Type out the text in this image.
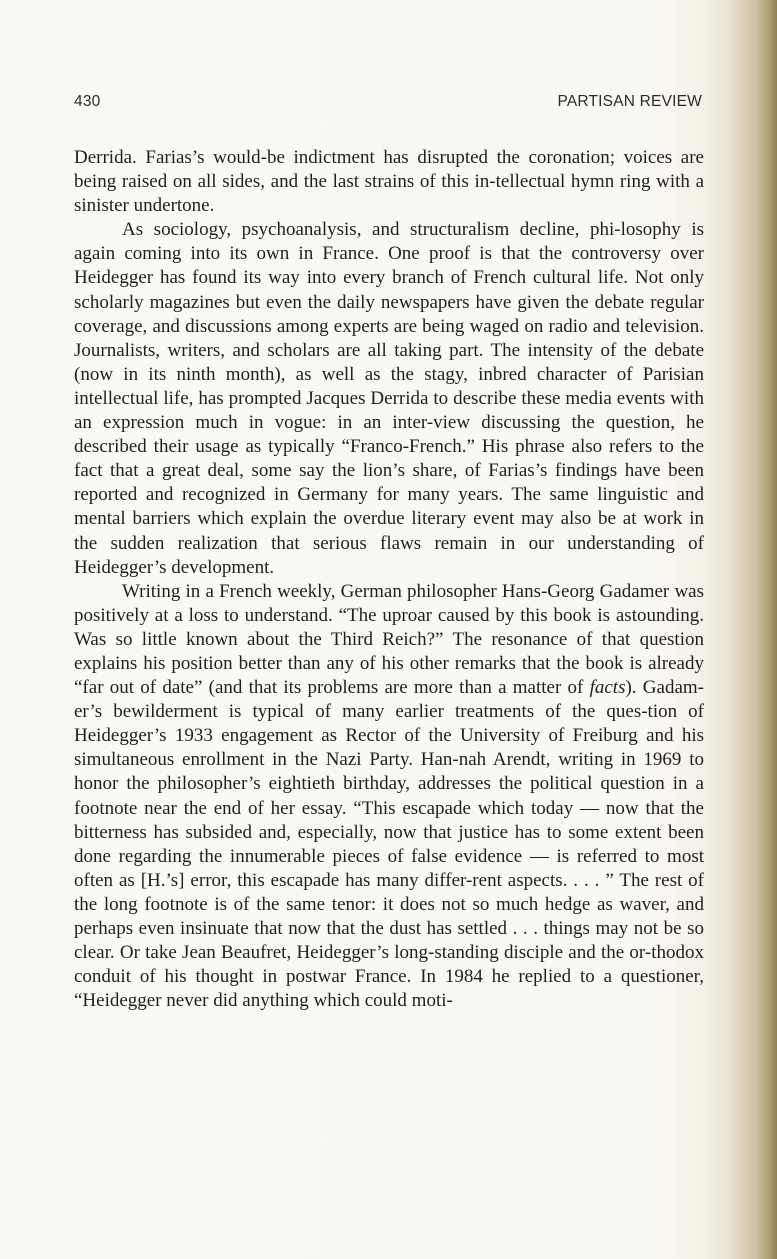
430	PARTISAN REVIEW

Derrida. Farias’s would-be indictment has disrupted the coronation; voices are being raised on all sides, and the last strains of this in-tellectual hymn ring with a sinister undertone.

As sociology, psychoanalysis, and structuralism decline, phi-losophy is again coming into its own in France. One proof is that the controversy over Heidegger has found its way into every branch of French cultural life. Not only scholarly magazines but even the daily newspapers have given the debate regular coverage, and discussions among experts are being waged on radio and television. Journalists, writers, and scholars are all taking part. The intensity of the debate (now in its ninth month), as well as the stagy, inbred character of Parisian intellectual life, has prompted Jacques Derrida to describe these media events with an expression much in vogue: in an inter-view discussing the question, he described their usage as typically “Franco-French.” His phrase also refers to the fact that a great deal, some say the lion’s share, of Farias’s findings have been reported and recognized in Germany for many years. The same linguistic and mental barriers which explain the overdue literary event may also be at work in the sudden realization that serious flaws remain in our understanding of Heidegger’s development.

Writing in a French weekly, German philosopher Hans-Georg Gadamer was positively at a loss to understand. “The uproar caused by this book is astounding. Was so little known about the Third Reich?” The resonance of that question explains his position better than any of his other remarks that the book is already “far out of date” (and that its problems are more than a matter of facts). Gadam-er’s bewilderment is typical of many earlier treatments of the ques-tion of Heidegger’s 1933 engagement as Rector of the University of Freiburg and his simultaneous enrollment in the Nazi Party. Han-nah Arendt, writing in 1969 to honor the philosopher’s eightieth birthday, addresses the political question in a footnote near the end of her essay. “This escapade which today — now that the bitterness has subsided and, especially, now that justice has to some extent been done regarding the innumerable pieces of false evidence — is referred to most often as [H.’s] error, this escapade has many differ-rent aspects. . . . ” The rest of the long footnote is of the same tenor: it does not so much hedge as waver, and perhaps even insinuate that now that the dust has settled . . . things may not be so clear. Or take Jean Beaufret, Heidegger’s long-standing disciple and the or-thodox conduit of his thought in postwar France. In 1984 he replied to a questioner, “Heidegger never did anything which could moti-
